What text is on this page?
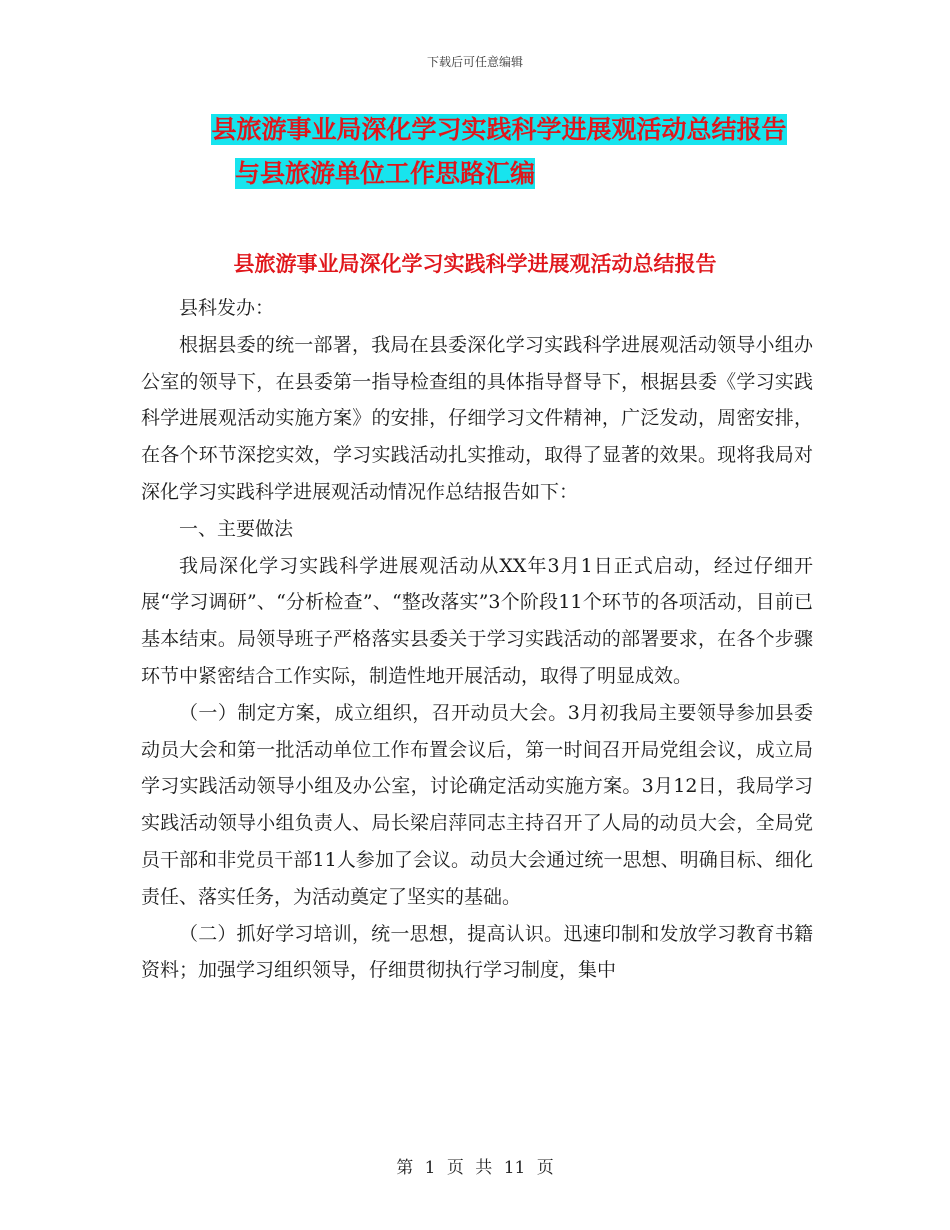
下载后可任意编辑
县旅游事业局深化学习实践科学进展观活动总结报告
与县旅游单位工作思路汇编
县旅游事业局深化学习实践科学进展观活动总结报告

县科发办：

根据县委的统一部署，我局在县委深化学习实践科学进展观活动领导小组办公室的领导下，在县委第一指导检查组的具体指导督导下，根据县委《学习实践科学进展观活动实施方案》的安排，仔细学习文件精神，广泛发动，周密安排，在各个环节深挖实效，学习实践活动扎实推动，取得了显著的效果。现将我局对深化学习实践科学进展观活动情况作总结报告如下：

一、主要做法

我局深化学习实践科学进展观活动从XX年3月1日正式启动，经过仔细开展“学习调研”、“分析检查”、“整改落实”3个阶段11个环节的各项活动，目前已基本结束。局领导班子严格落实县委关于学习实践活动的部署要求，在各个步骤环节中紧密结合工作实际，制造性地开展活动，取得了明显成效。

（一）制定方案，成立组织，召开动员大会。3月初我局主要领导参加县委动员大会和第一批活动单位工作布置会议后，第一时间召开局党组会议，成立局学习实践活动领导小组及办公室，讨论确定活动实施方案。3月12日，我局学习实践活动领导小组负责人、局长梁启萍同志主持召开了人局的动员大会，全局党员干部和非党员干部11人参加了会议。动员大会通过统一思想、明确目标、细化责任、落实任务，为活动奠定了坚实的基础。

（二）抓好学习培训，统一思想，提高认识。迅速印制和发放学习教育书籍资料；加强学习组织领导，仔细贯彻执行学习制度，集中

第 1 页 共 11 页
